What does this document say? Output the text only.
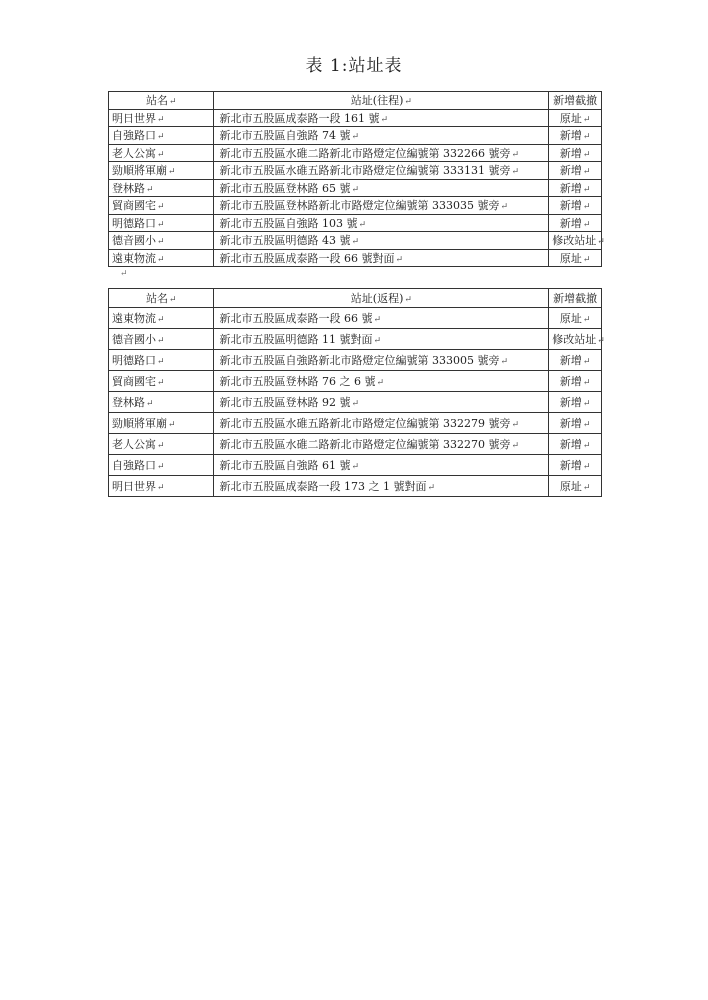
表 1:站址表
站名↵	站址(往程)↵	新增截撤
明日世界↵	新北市五股區成泰路一段 161 號↵	原址↵
自強路口↵	新北市五股區自強路 74 號↵	新增↵
老人公寓↵	新北市五股區水碓二路新北市路燈定位編號第 332266 號旁↵	新增↵
勁順將軍廟↵	新北市五股區水碓五路新北市路燈定位編號第 333131 號旁↵	新增↵
登林路↵	新北市五股區登林路 65 號↵	新增↵
貿商國宅↵	新北市五股區登林路新北市路燈定位編號第 333035 號旁↵	新增↵
明德路口↵	新北市五股區自強路 103 號↵	新增↵
德音國小↵	新北市五股區明德路 43 號↵	修改站址↵
遠東物流↵	新北市五股區成泰路一段 66 號對面↵	原址↵
↵
站名↵	站址(返程)↵	新增截撤
遠東物流↵	新北市五股區成泰路一段 66 號↵	原址↵
德音國小↵	新北市五股區明德路 11 號對面↵	修改站址↵
明德路口↵	新北市五股區自強路新北市路燈定位編號第 333005 號旁↵	新增↵
貿商國宅↵	新北市五股區登林路 76 之 6 號↵	新增↵
登林路↵	新北市五股區登林路 92 號↵	新增↵
勁順將軍廟↵	新北市五股區水碓五路新北市路燈定位編號第 332279 號旁↵	新增↵
老人公寓↵	新北市五股區水碓二路新北市路燈定位編號第 332270 號旁↵	新增↵
自強路口↵	新北市五股區自強路 61 號↵	新增↵
明日世界↵	新北市五股區成泰路一段 173 之 1 號對面↵	原址↵
